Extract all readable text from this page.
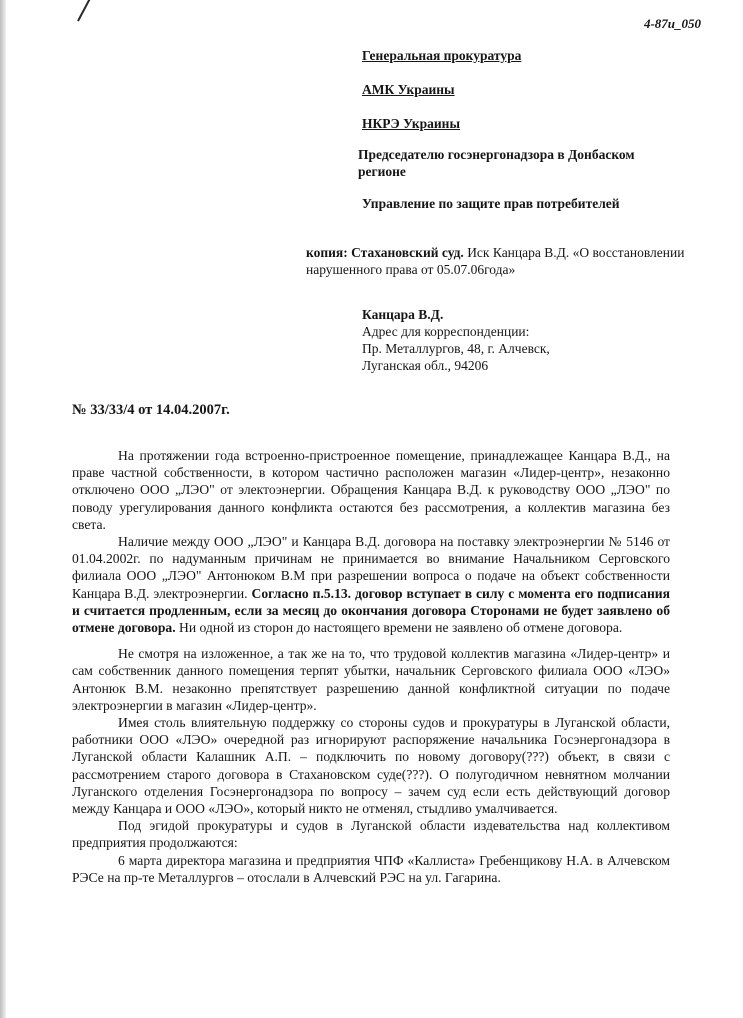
4-87и_050
Генеральная прокуратура
АМК Украины
НКРЭ Украины
Председателю госэнергонадзора в Донбаском регионе
Управление по защите прав потребителей
копия: Стахановский суд. Иск Канцара В.Д. «О восстановлении нарушенного права от 05.07.06года»
Канцара В.Д.
Адрес для корреспонденции:
Пр. Металлургов, 48, г. Алчевск,
Луганская обл., 94206
№ 33/33/4 от 14.04.2007г.

На протяжении года встроенно-пристроенное помещение, принадлежащее Канцара В.Д., на праве частной собственности, в котором частично расположен магазин «Лидер-центр», незаконно отключено ООО „ЛЭО" от электоэнергии. Обращения Канцара В.Д. к руководству ООО „ЛЭО" по поводу урегулирования данного конфликта остаются без рассмотрения, а коллектив магазина без света.

Наличие между ООО „ЛЭО" и Канцара В.Д. договора на поставку электроэнергии № 5146 от 01.04.2002г. по надуманным причинам не принимается во внимание Начальником Серговского филиала ООО „ЛЭО" Антонюком В.М при разрешении вопроса о подаче на объект собственности Канцара В.Д. электроэнергии. Согласно п.5.13. договор вступает в силу с момента его подписания и считается продленным, если за месяц до окончания договора Сторонами не будет заявлено об отмене договора. Ни одной из сторон до настоящего времени не заявлено об отмене договора.

Не смотря на изложенное, а так же на то, что трудовой коллектив магазина «Лидер-центр» и сам собственник данного помещения терпят убытки, начальник Серговского филиала ООО «ЛЭО» Антонюк В.М. незаконно препятствует разрешению данной конфликтной ситуации по подаче электроэнергии в магазин «Лидер-центр».

Имея столь влиятельную поддержку со стороны судов и прокуратуры в Луганской области, работники ООО «ЛЭО» очередной раз игнорируют распоряжение начальника Госэнергонадзора в Луганской области Калашник А.П. – подключить по новому договору(???) объект, в связи с рассмотрением старого договора в Стахановском суде(???). О полугодичном невнятном молчании Луганского отделения Госэнергонадзора по вопросу – зачем суд если есть действующий договор между Канцара и ООО «ЛЭО», который никто не отменял, стыдливо умалчивается.

Под эгидой прокуратуры и судов в Луганской области издевательства над коллективом предприятия продолжаются:

6 марта директора магазина и предприятия ЧПФ «Каллиста» Гребенщикову Н.А. в Алчевском РЭСе на пр-те Металлургов – отослали в Алчевский РЭС на ул. Гагарина.
